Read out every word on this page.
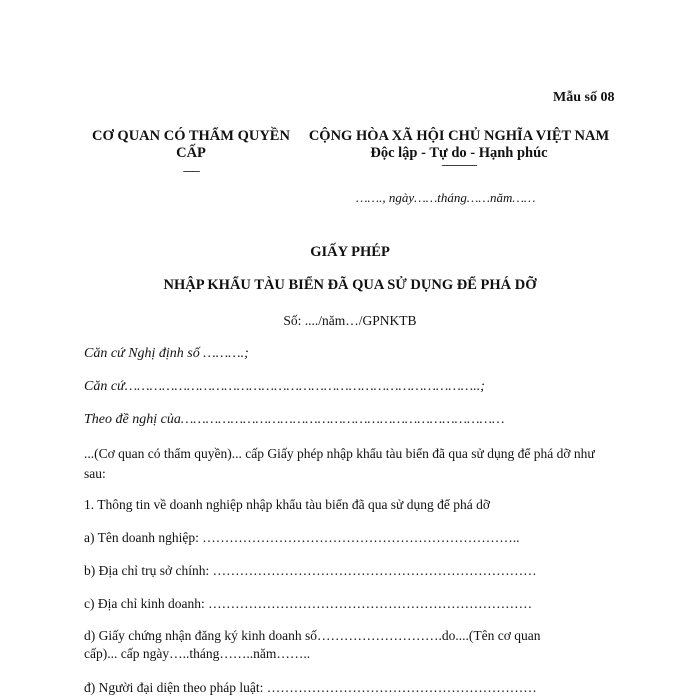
Mẫu số 08
CƠ QUAN CÓ THẨM QUYỀN
CẤP
-------
CỘNG HÒA XÃ HỘI CHỦ NGHĨA VIỆT NAM
Độc lập - Tự do - Hạnh phúc
---------------
……., ngày……tháng……năm……
GIẤY PHÉP
NHẬP KHẨU TÀU BIỂN ĐÃ QUA SỬ DỤNG ĐỂ PHÁ DỠ
Số: ..../năm…/GPNKTB
Căn cứ Nghị định số ……….;
Căn cứ…………………………………………………………………………..;
Theo đề nghị của……………………………………………………………………
...(Cơ quan có thẩm quyền)... cấp Giấy phép nhập khẩu tàu biển đã qua sử dụng để phá dỡ như sau:
1. Thông tin về doanh nghiệp nhập khẩu tàu biển đã qua sử dụng để phá dỡ
a) Tên doanh nghiệp: ……………………………………………………………..
b) Địa chỉ trụ sở chính: ………………………………………………………………
c) Địa chỉ kinh doanh: ………………………………………………………………
d) Giấy chứng nhận đăng ký kinh doanh số……………………….do....(Tên cơ quan
cấp)... cấp ngày…..tháng……..năm……..
đ) Người đại diện theo pháp luật: ……………………………………………………
